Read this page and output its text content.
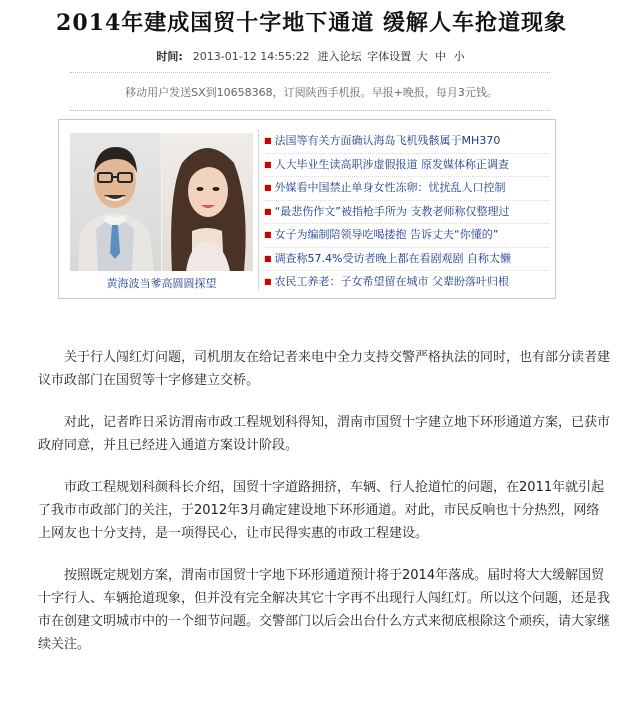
2014年建成国贸十字地下通道 缓解人车抢道现象
时间: 2013-01-12 14:55:22 进入论坛 字体设置 大 中 小
移动用户发送SX到10658368，订阅陕西手机报。早报+晚报，每月3元钱。
黄海波当爹高圆圆探望
■ 法国等有关方面确认海岛飞机残骸属于MH370
■ 人大毕业生读高职涉虚假报道 原发媒体称正调查
■ 外媒看中国禁止单身女性冻卵：忧扰乱人口控制
■ “最悲伤作文”被指枪手所为 支教老师称仅整理过
■ 女子为编制陪领导吃喝搂抱 告诉丈夫“你懂的”
■ 调查称57.4%受访者晚上都在看剧观剧 自称太懒
■ 农民工养老：子女希望留在城市 父辈盼落叶归根

　　关于行人闯红灯问题，司机朋友在给记者来电中全力支持交警严格执法的同时，也有部分读者建议市政部门在国贸等十字修建立交桥。

　　对此，记者昨日采访渭南市政工程规划科得知，渭南市国贸十字建立地下环形通道方案，已获市政府同意，并且已经进入通道方案设计阶段。

　　市政工程规划科颜科长介绍，国贸十字道路拥挤，车辆、行人抢道忙的问题，在2011年就引起了我市市政部门的关注，于2012年3月确定建设地下环形通道。对此，市民反响也十分热烈，网络上网友也十分支持，是一项得民心，让市民得实惠的市政工程建设。

　　按照既定规划方案，渭南市国贸十字地下环形通道预计将于2014年落成。届时将大大缓解国贸十字行人、车辆抢道现象，但并没有完全解决其它十字再不出现行人闯红灯。所以这个问题，还是我市在创建文明城市中的一个细节问题。交警部门以后会出台什么方式来彻底根除这个顽疾，请大家继续关注。
